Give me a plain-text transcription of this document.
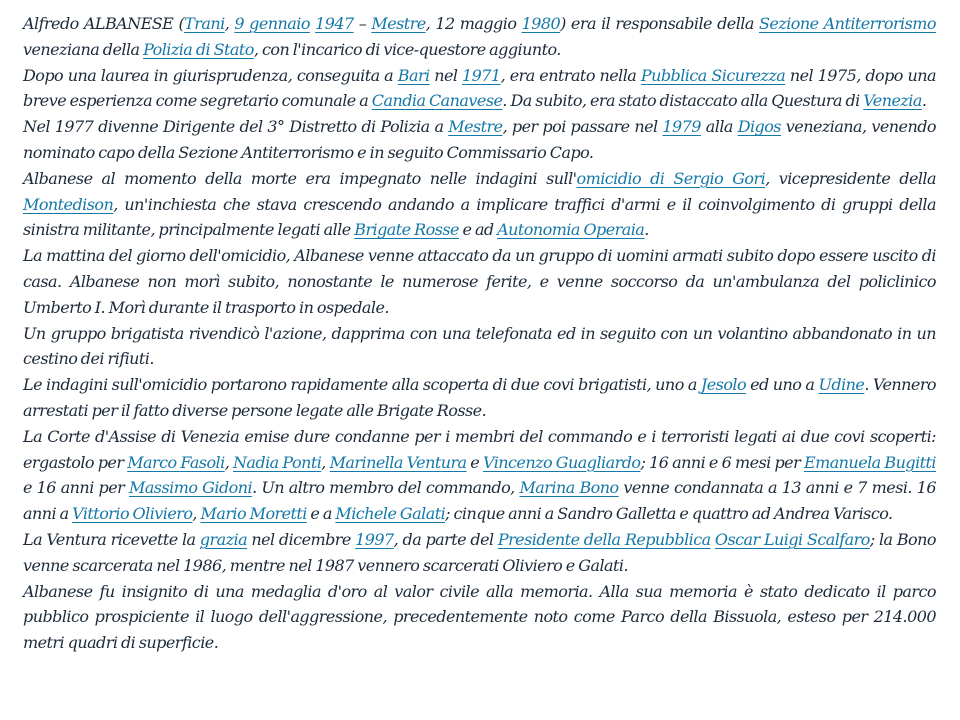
Alfredo ALBANESE (Trani, 9 gennaio 1947 – Mestre, 12 maggio 1980) era il responsabile della Sezione Antiterrorismo veneziana della Polizia di Stato, con l'incarico di vice-questore aggiunto.

Dopo una laurea in giurisprudenza, conseguita a Bari nel 1971, era entrato nella Pubblica Sicurezza nel 1975, dopo una breve esperienza come segretario comunale a Candia Canavese. Da subito, era stato distaccato alla Questura di Venezia.

Nel 1977 divenne Dirigente del 3° Distretto di Polizia a Mestre, per poi passare nel 1979 alla Digos veneziana, venendo nominato capo della Sezione Antiterrorismo e in seguito Commissario Capo.

Albanese al momento della morte era impegnato nelle indagini sull'omicidio di Sergio Gori, vicepresidente della Montedison, un'inchiesta che stava crescendo andando a implicare traffici d'armi e il coinvolgimento di gruppi della sinistra militante, principalmente legati alle Brigate Rosse e ad Autonomia Operaia.

La mattina del giorno dell'omicidio, Albanese venne attaccato da un gruppo di uomini armati subito dopo essere uscito di casa. Albanese non morì subito, nonostante le numerose ferite, e venne soccorso da un'ambulanza del policlinico Umberto I. Morì durante il trasporto in ospedale.

Un gruppo brigatista rivendicò l'azione, dapprima con una telefonata ed in seguito con un volantino abbandonato in un cestino dei rifiuti.

Le indagini sull'omicidio portarono rapidamente alla scoperta di due covi brigatisti, uno a Jesolo ed uno a Udine. Vennero arrestati per il fatto diverse persone legate alle Brigate Rosse.

La Corte d'Assise di Venezia emise dure condanne per i membri del commando e i terroristi legati ai due covi scoperti: ergastolo per Marco Fasoli, Nadia Ponti, Marinella Ventura e Vincenzo Guagliardo; 16 anni e 6 mesi per Emanuela Bugitti e 16 anni per Massimo Gidoni. Un altro membro del commando, Marina Bono venne condannata a 13 anni e 7 mesi. 16 anni a Vittorio Oliviero, Mario Moretti e a Michele Galati; cinque anni a Sandro Galletta e quattro ad Andrea Varisco.

La Ventura ricevette la grazia nel dicembre 1997, da parte del Presidente della Repubblica Oscar Luigi Scalfaro; la Bono venne scarcerata nel 1986, mentre nel 1987 vennero scarcerati Oliviero e Galati.

Albanese fu insignito di una medaglia d'oro al valor civile alla memoria. Alla sua memoria è stato dedicato il parco pubblico prospiciente il luogo dell'aggressione, precedentemente noto come Parco della Bissuola, esteso per 214.000 metri quadri di superficie.
